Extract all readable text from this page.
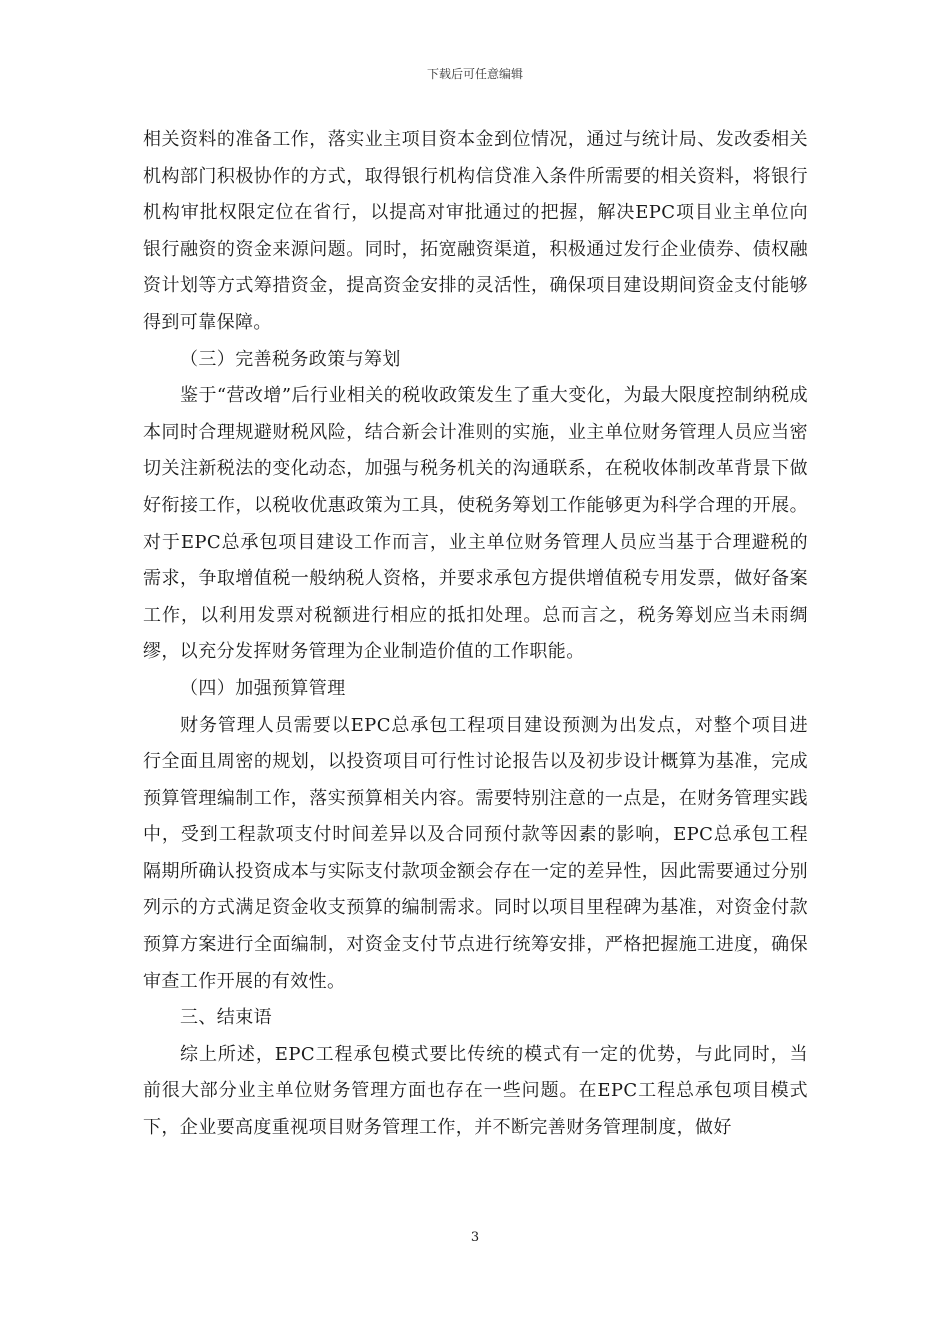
下载后可任意编辑

相关资料的准备工作，落实业主项目资本金到位情况，通过与统计局、发改委相关机构部门积极协作的方式，取得银行机构信贷准入条件所需要的相关资料，将银行机构审批权限定位在省行，以提高对审批通过的把握，解决EPC项目业主单位向银行融资的资金来源问题。同时，拓宽融资渠道，积极通过发行企业债券、债权融资计划等方式筹措资金，提高资金安排的灵活性，确保项目建设期间资金支付能够得到可靠保障。

（三）完善税务政策与筹划

鉴于“营改增”后行业相关的税收政策发生了重大变化，为最大限度控制纳税成本同时合理规避财税风险，结合新会计准则的实施，业主单位财务管理人员应当密切关注新税法的变化动态，加强与税务机关的沟通联系，在税收体制改革背景下做好衔接工作，以税收优惠政策为工具，使税务筹划工作能够更为科学合理的开展。对于EPC总承包项目建设工作而言，业主单位财务管理人员应当基于合理避税的需求，争取增值税一般纳税人资格，并要求承包方提供增值税专用发票，做好备案工作，以利用发票对税额进行相应的抵扣处理。总而言之，税务筹划应当未雨绸缪，以充分发挥财务管理为企业制造价值的工作职能。

（四）加强预算管理

财务管理人员需要以EPC总承包工程项目建设预测为出发点，对整个项目进行全面且周密的规划，以投资项目可行性讨论报告以及初步设计概算为基准，完成预算管理编制工作，落实预算相关内容。需要特别注意的一点是，在财务管理实践中，受到工程款项支付时间差异以及合同预付款等因素的影响，EPC总承包工程隔期所确认投资成本与实际支付款项金额会存在一定的差异性，因此需要通过分别列示的方式满足资金收支预算的编制需求。同时以项目里程碑为基准，对资金付款预算方案进行全面编制，对资金支付节点进行统筹安排，严格把握施工进度，确保审查工作开展的有效性。

三、结束语

综上所述，EPC工程承包模式要比传统的模式有一定的优势，与此同时，当前很大部分业主单位财务管理方面也存在一些问题。在EPC工程总承包项目模式下，企业要高度重视项目财务管理工作，并不断完善财务管理制度，做好

3
